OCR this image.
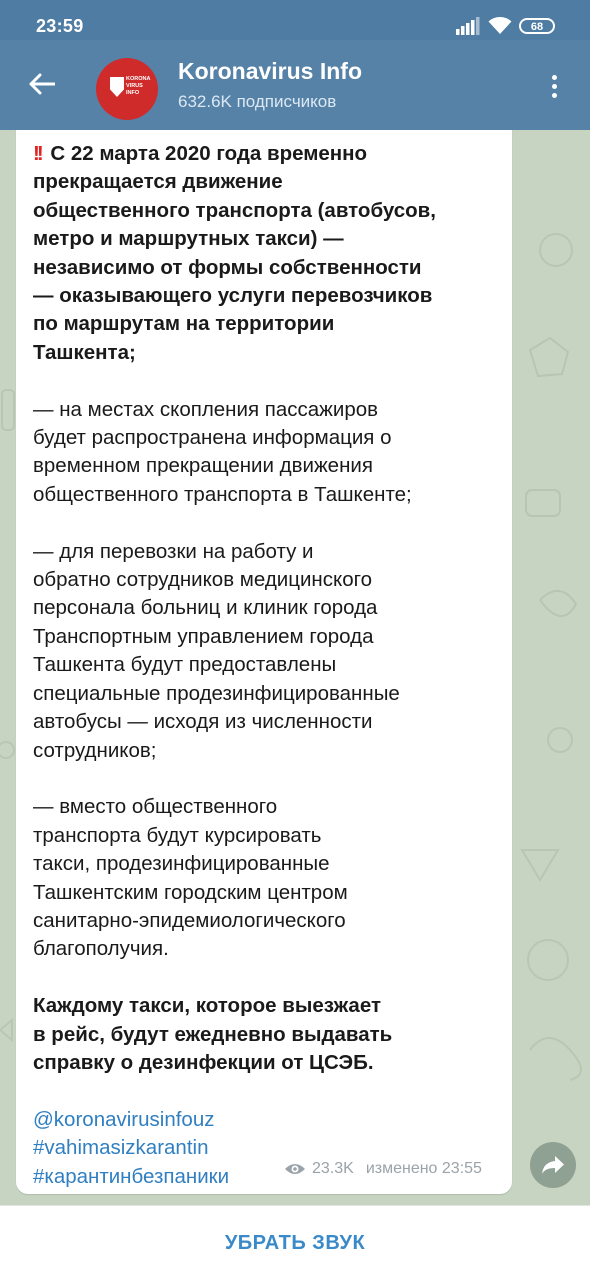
23:59	68
KORONA
VIRUS
INFO
Koronavirus Info
632.6K подписчиков
!! С 22 марта 2020 года временно
прекращается движение
общественного транспорта (автобусов,
метро и маршрутных такси) —
независимо от формы собственности
— оказывающего услуги перевозчиков
по маршрутам на территории
Ташкента;
— на местах скопления пассажиров
будет распространена информация о
временном прекращении движения
общественного транспорта в Ташкенте;
— для перевозки на работу и
обратно сотрудников медицинского
персонала больниц и клиник города
Транспортным управлением города
Ташкента будут предоставлены
специальные продезинфицированные
автобусы — исходя из численности
сотрудников;
— вместо общественного
транспорта будут курсировать
такси, продезинфицированные
Ташкентским городским центром
санитарно-эпидемиологического
благополучия.
Каждому такси, которое выезжает
в рейс, будут ежедневно выдавать
справку о дезинфекции от ЦСЭБ.
@koronavirusinfouz
#vahimasizkarantin
#карантинбезпаники	23.3K изменено 23:55
УБРАТЬ ЗВУК
